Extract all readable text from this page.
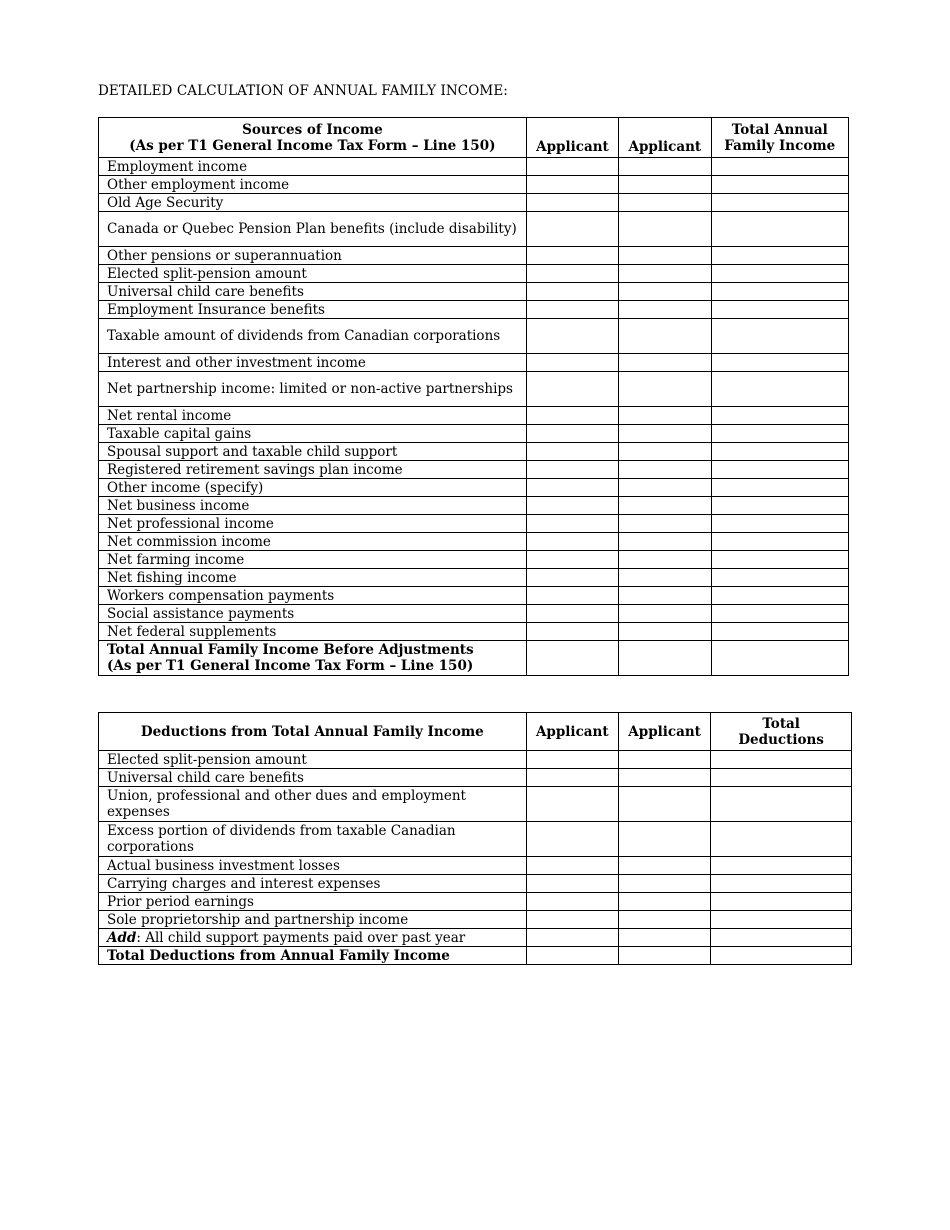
DETAILED CALCULATION OF ANNUAL FAMILY INCOME:
Sources of Income
(As per T1 General Income Tax Form – Line 150)	Applicant	Applicant	Total Annual
Family Income

Employment income			
Other employment income			
Old Age Security			
Canada or Quebec Pension Plan benefits (include disability)			
Other pensions or superannuation			
Elected split-pension amount			
Universal child care benefits			
Employment Insurance benefits			
Taxable amount of dividends from Canadian corporations			
Interest and other investment income			
Net partnership income: limited or non-active partnerships			
Net rental income			
Taxable capital gains			
Spousal support and taxable child support			
Registered retirement savings plan income			
Other income (specify)			
Net business income			
Net professional income			
Net commission income			
Net farming income			
Net fishing income			
Workers compensation payments			
Social assistance payments			
Net federal supplements			

Total Annual Family Income Before Adjustments
(As per T1 General Income Tax Form – Line 150)			

Deductions from Total Annual Family Income	Applicant	Applicant	Total
Deductions

Elected split-pension amount			
Universal child care benefits			
Union, professional and other dues and employment expenses			
Excess portion of dividends from taxable Canadian corporations			
Actual business investment losses			
Carrying charges and interest expenses			
Prior period earnings			
Sole proprietorship and partnership income			
Add: All child support payments paid over past year			
Total Deductions from Annual Family Income			
